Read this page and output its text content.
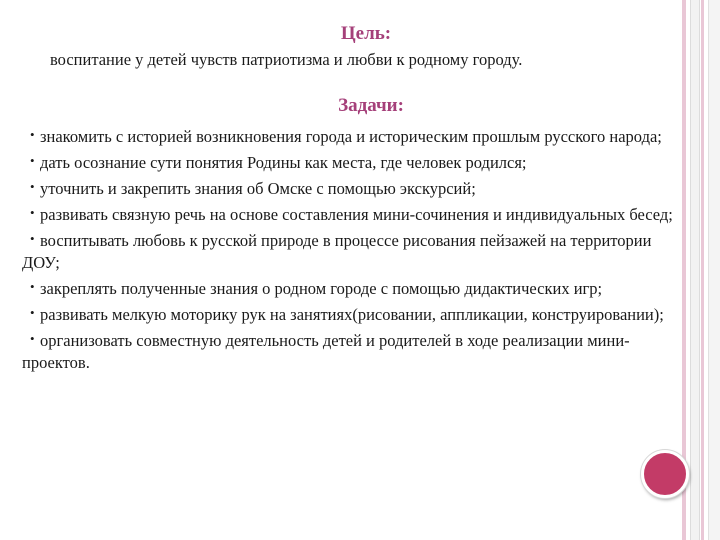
Цель:

воспитание у детей чувств патриотизма и любви к родному городу.

Задачи:
• знакомить с историей возникновения города и историческим прошлым русского народа;
• дать осознание сути понятия Родины как места, где человек родился;
• уточнить и закрепить знания об Омске с помощью экскурсий;
• развивать связную речь на основе составления мини-сочинения и индивидуальных бесед;
• воспитывать любовь к русской природе в процессе рисования пейзажей на территории ДОУ;
• закреплять полученные знания о родном городе с помощью дидактических игр;
• развивать мелкую моторику рук на занятиях(рисовании, аппликации, конструировании);
• организовать совместную деятельность детей и родителей в ходе реализации мини-проектов.
